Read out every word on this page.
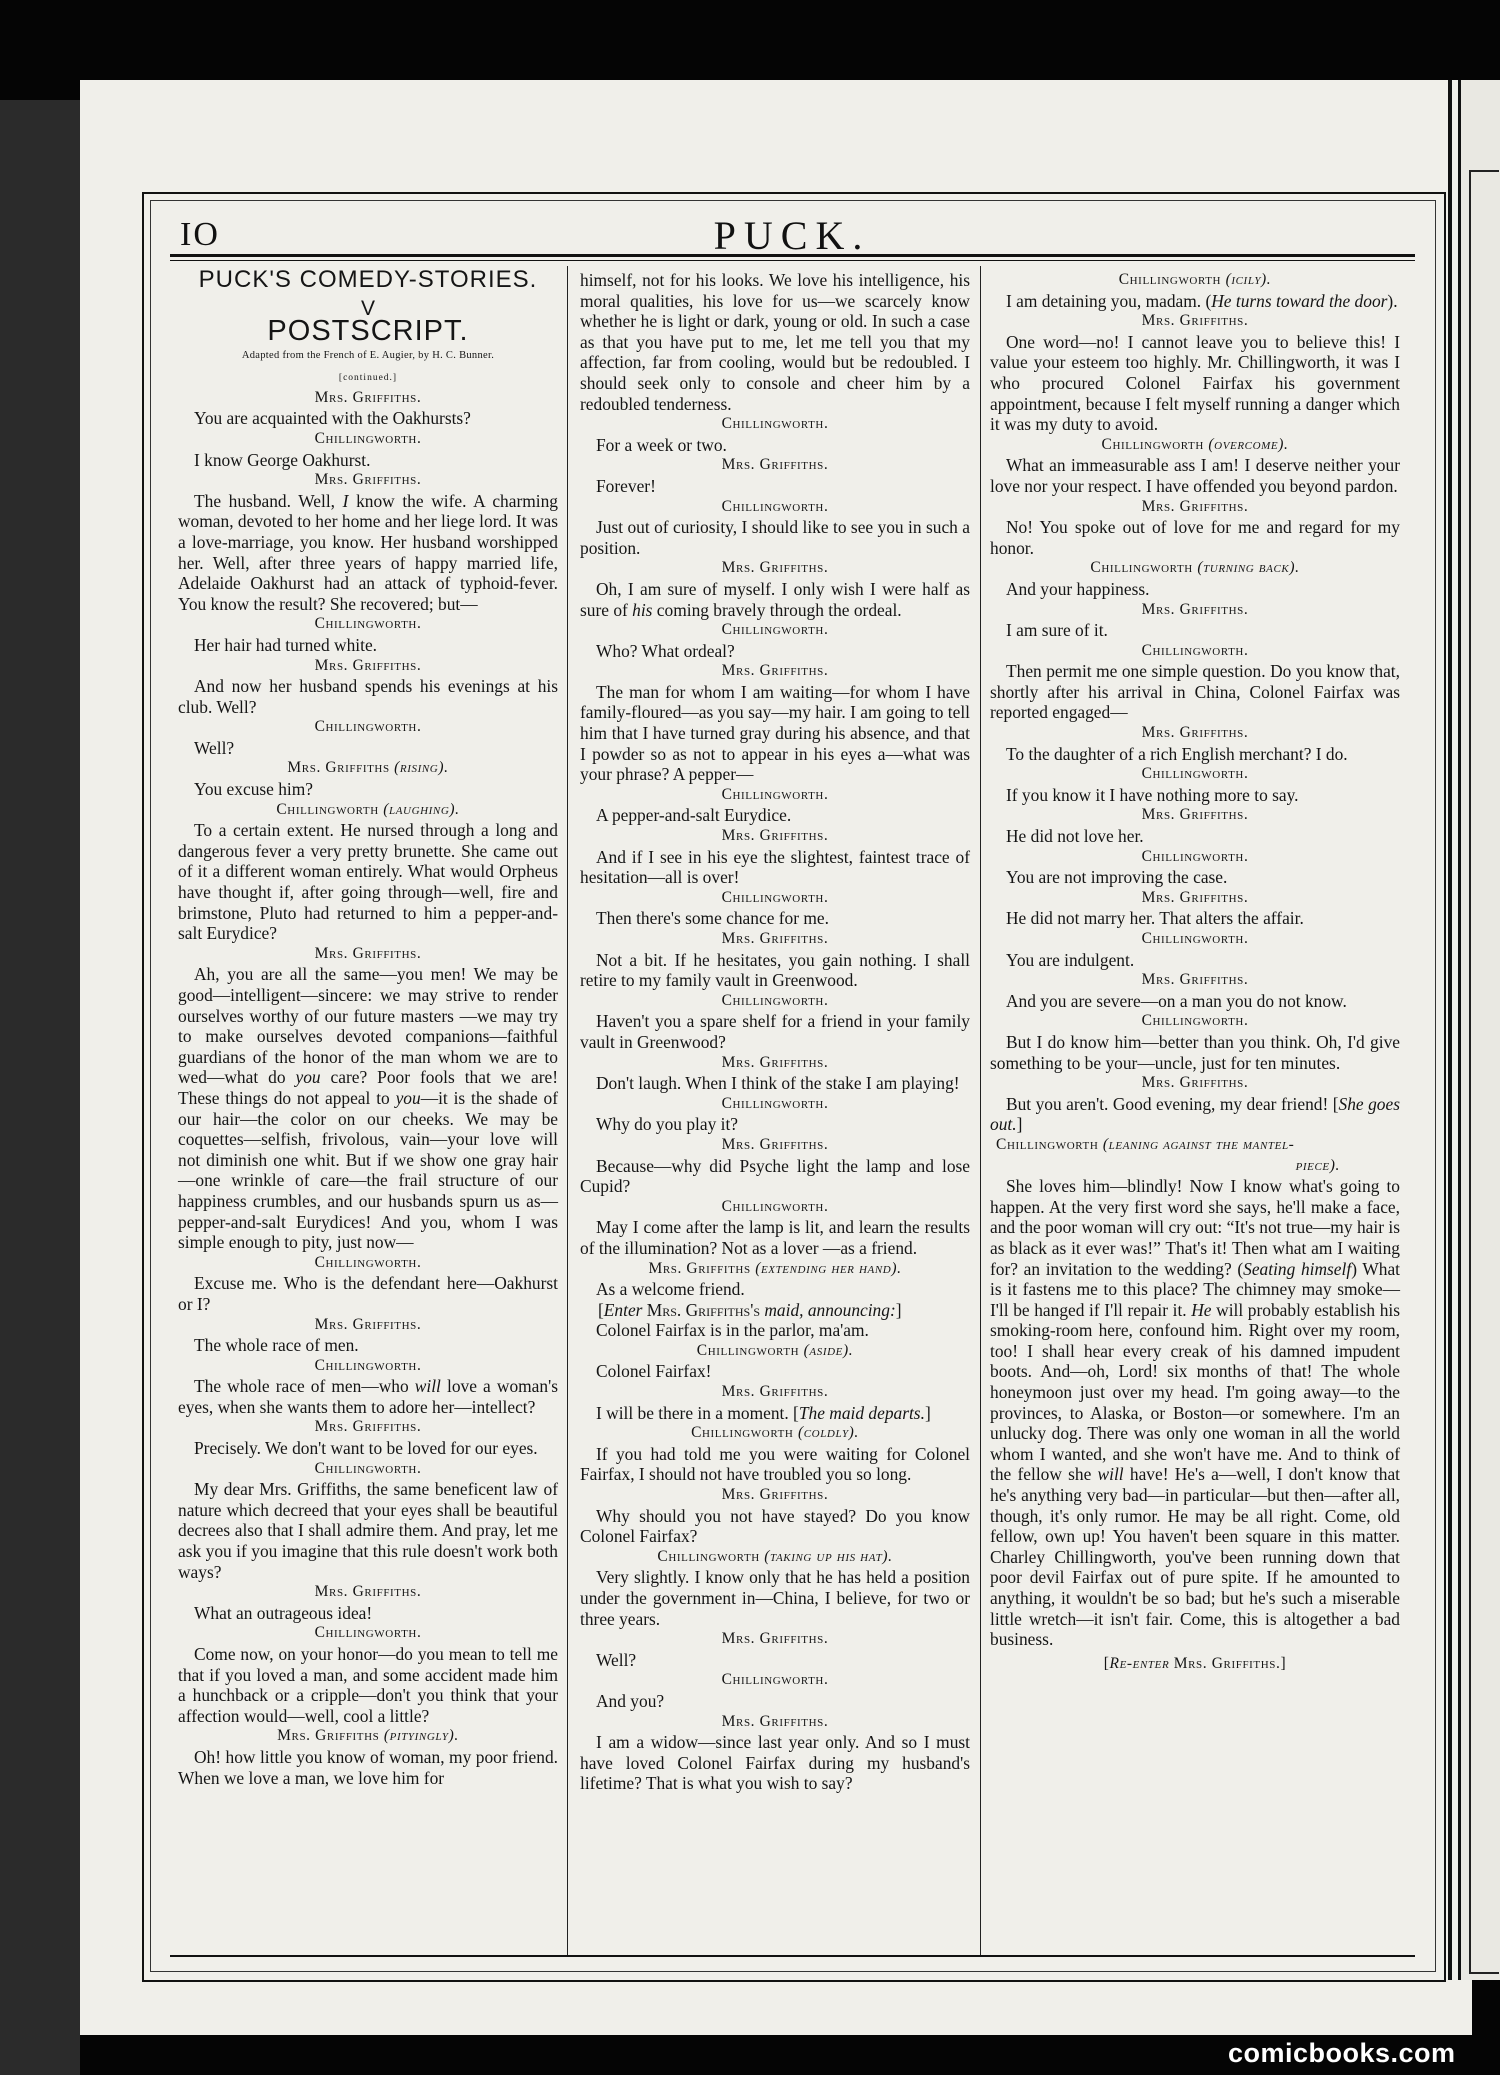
IO	PUCK.
PUCK'S COMEDY-STORIES.
V
POSTSCRIPT.
Adapted from the French of E. Augier, by H. C. Bunner.
[continued.]
Mrs. Griffiths.

You are acquainted with the Oakhursts?

Chillingworth.

I know George Oakhurst.

Mrs. Griffiths.

The husband. Well, I know the wife. A charming woman, devoted to her home and her liege lord. It was a love-marriage, you know. Her husband worshipped her. Well, after three years of happy married life, Adelaide Oakhurst had an attack of typhoid-fever. You know the result? She recovered; but—

Chillingworth.

Her hair had turned white.

Mrs. Griffiths.

And now her husband spends his evenings at his club. Well?

Chillingworth.

Well?

Mrs. Griffiths (rising).

You excuse him?

Chillingworth (laughing).

To a certain extent. He nursed through a long and dangerous fever a very pretty brunette. She came out of it a different woman entirely. What would Orpheus have thought if, after going through—well, fire and brimstone, Pluto had returned to him a pepper-and-salt Eurydice?

Mrs. Griffiths.

Ah, you are all the same—you men! We may be good—intelligent—sincere: we may strive to render ourselves worthy of our future masters —we may try to make ourselves devoted companions—faithful guardians of the honor of the man whom we are to wed—what do you care? Poor fools that we are! These things do not appeal to you—it is the shade of our hair—the color on our cheeks. We may be coquettes—selfish, frivolous, vain—your love will not diminish one whit. But if we show one gray hair—one wrinkle of care—the frail structure of our happiness crumbles, and our husbands spurn us as—pepper-and-salt Eurydices! And you, whom I was simple enough to pity, just now—

Chillingworth.

Excuse me. Who is the defendant here—Oakhurst or I?

Mrs. Griffiths.

The whole race of men.

Chillingworth.

The whole race of men—who will love a woman's eyes, when she wants them to adore her—intellect?

Mrs. Griffiths.

Precisely. We don't want to be loved for our eyes.

Chillingworth.

My dear Mrs. Griffiths, the same beneficent law of nature which decreed that your eyes shall be beautiful decrees also that I shall admire them. And pray, let me ask you if you imagine that this rule doesn't work both ways?

Mrs. Griffiths.

What an outrageous idea!

Chillingworth.

Come now, on your honor—do you mean to tell me that if you loved a man, and some accident made him a hunchback or a cripple—don't you think that your affection would—well, cool a little?

Mrs. Griffiths (pityingly).

Oh! how little you know of woman, my poor friend. When we love a man, we love him for

himself, not for his looks. We love his intelligence, his moral qualities, his love for us—we scarcely know whether he is light or dark, young or old. In such a case as that you have put to me, let me tell you that my affection, far from cooling, would but be redoubled. I should seek only to console and cheer him by a redoubled tenderness.

Chillingworth.

For a week or two.

Mrs. Griffiths.

Forever!

Chillingworth.

Just out of curiosity, I should like to see you in such a position.

Mrs. Griffiths.

Oh, I am sure of myself. I only wish I were half as sure of his coming bravely through the ordeal.

Chillingworth.

Who? What ordeal?

Mrs. Griffiths.

The man for whom I am waiting—for whom I have family-floured—as you say—my hair. I am going to tell him that I have turned gray during his absence, and that I powder so as not to appear in his eyes a—what was your phrase? A pepper—

Chillingworth.

A pepper-and-salt Eurydice.

Mrs. Griffiths.

And if I see in his eye the slightest, faintest trace of hesitation—all is over!

Chillingworth.

Then there's some chance for me.

Mrs. Griffiths.

Not a bit. If he hesitates, you gain nothing. I shall retire to my family vault in Greenwood.

Chillingworth.

Haven't you a spare shelf for a friend in your family vault in Greenwood?

Mrs. Griffiths.

Don't laugh. When I think of the stake I am playing!

Chillingworth.

Why do you play it?

Mrs. Griffiths.

Because—why did Psyche light the lamp and lose Cupid?

Chillingworth.

May I come after the lamp is lit, and learn the results of the illumination? Not as a lover —as a friend.

Mrs. Griffiths (extending her hand).

As a welcome friend.

[Enter Mrs. Griffiths's maid, announcing:]

Colonel Fairfax is in the parlor, ma'am.

Chillingworth (aside).

Colonel Fairfax!

Mrs. Griffiths.

I will be there in a moment. [The maid departs.]

Chillingworth (coldly).

If you had told me you were waiting for Colonel Fairfax, I should not have troubled you so long.

Mrs. Griffiths.

Why should you not have stayed? Do you know Colonel Fairfax?

Chillingworth (taking up his hat).

Very slightly. I know only that he has held a position under the government in—China, I believe, for two or three years.

Mrs. Griffiths.

Well?

Chillingworth.

And you?

Mrs. Griffiths.

I am a widow—since last year only. And so I must have loved Colonel Fairfax during my husband's lifetime? That is what you wish to say?

Chillingworth (icily).

I am detaining you, madam. (He turns toward the door).

Mrs. Griffiths.

One word—no! I cannot leave you to believe this! I value your esteem too highly. Mr. Chillingworth, it was I who procured Colonel Fairfax his government appointment, because I felt myself running a danger which it was my duty to avoid.

Chillingworth (overcome).

What an immeasurable ass I am! I deserve neither your love nor your respect. I have offended you beyond pardon.

Mrs. Griffiths.

No! You spoke out of love for me and regard for my honor.

Chillingworth (turning back).

And your happiness.

Mrs. Griffiths.

I am sure of it.

Chillingworth.

Then permit me one simple question. Do you know that, shortly after his arrival in China, Colonel Fairfax was reported engaged—

Mrs. Griffiths.

To the daughter of a rich English merchant? I do.

Chillingworth.

If you know it I have nothing more to say.

Mrs. Griffiths.

He did not love her.

Chillingworth.

You are not improving the case.

Mrs. Griffiths.

He did not marry her. That alters the affair.

Chillingworth.

You are indulgent.

Mrs. Griffiths.

And you are severe—on a man you do not know.

Chillingworth.

But I do know him—better than you think. Oh, I'd give something to be your—uncle, just for ten minutes.

Mrs. Griffiths.

But you aren't. Good evening, my dear friend! [She goes out.]

Chillingworth (leaning against the mantel-
piece).

She loves him—blindly! Now I know what's going to happen. At the very first word she says, he'll make a face, and the poor woman will cry out: “It's not true—my hair is as black as it ever was!” That's it! Then what am I waiting for? an invitation to the wedding? (Seating himself) What is it fastens me to this place? The chimney may smoke—I'll be hanged if I'll repair it. He will probably establish his smoking-room here, confound him. Right over my room, too! I shall hear every creak of his damned impudent boots. And—oh, Lord! six months of that! The whole honeymoon just over my head. I'm going away—to the provinces, to Alaska, or Boston—or somewhere. I'm an unlucky dog. There was only one woman in all the world whom I wanted, and she won't have me. And to think of the fellow she will have! He's a—well, I don't know that he's anything very bad—in particular—but then—after all, though, it's only rumor. He may be all right. Come, old fellow, own up! You haven't been square in this matter. Charley Chillingworth, you've been running down that poor devil Fairfax out of pure spite. If he amounted to anything, it wouldn't be so bad; but he's such a miserable little wretch—it isn't fair. Come, this is altogether a bad business.

[Re-enter Mrs. Griffiths.]
comicbooks.com
